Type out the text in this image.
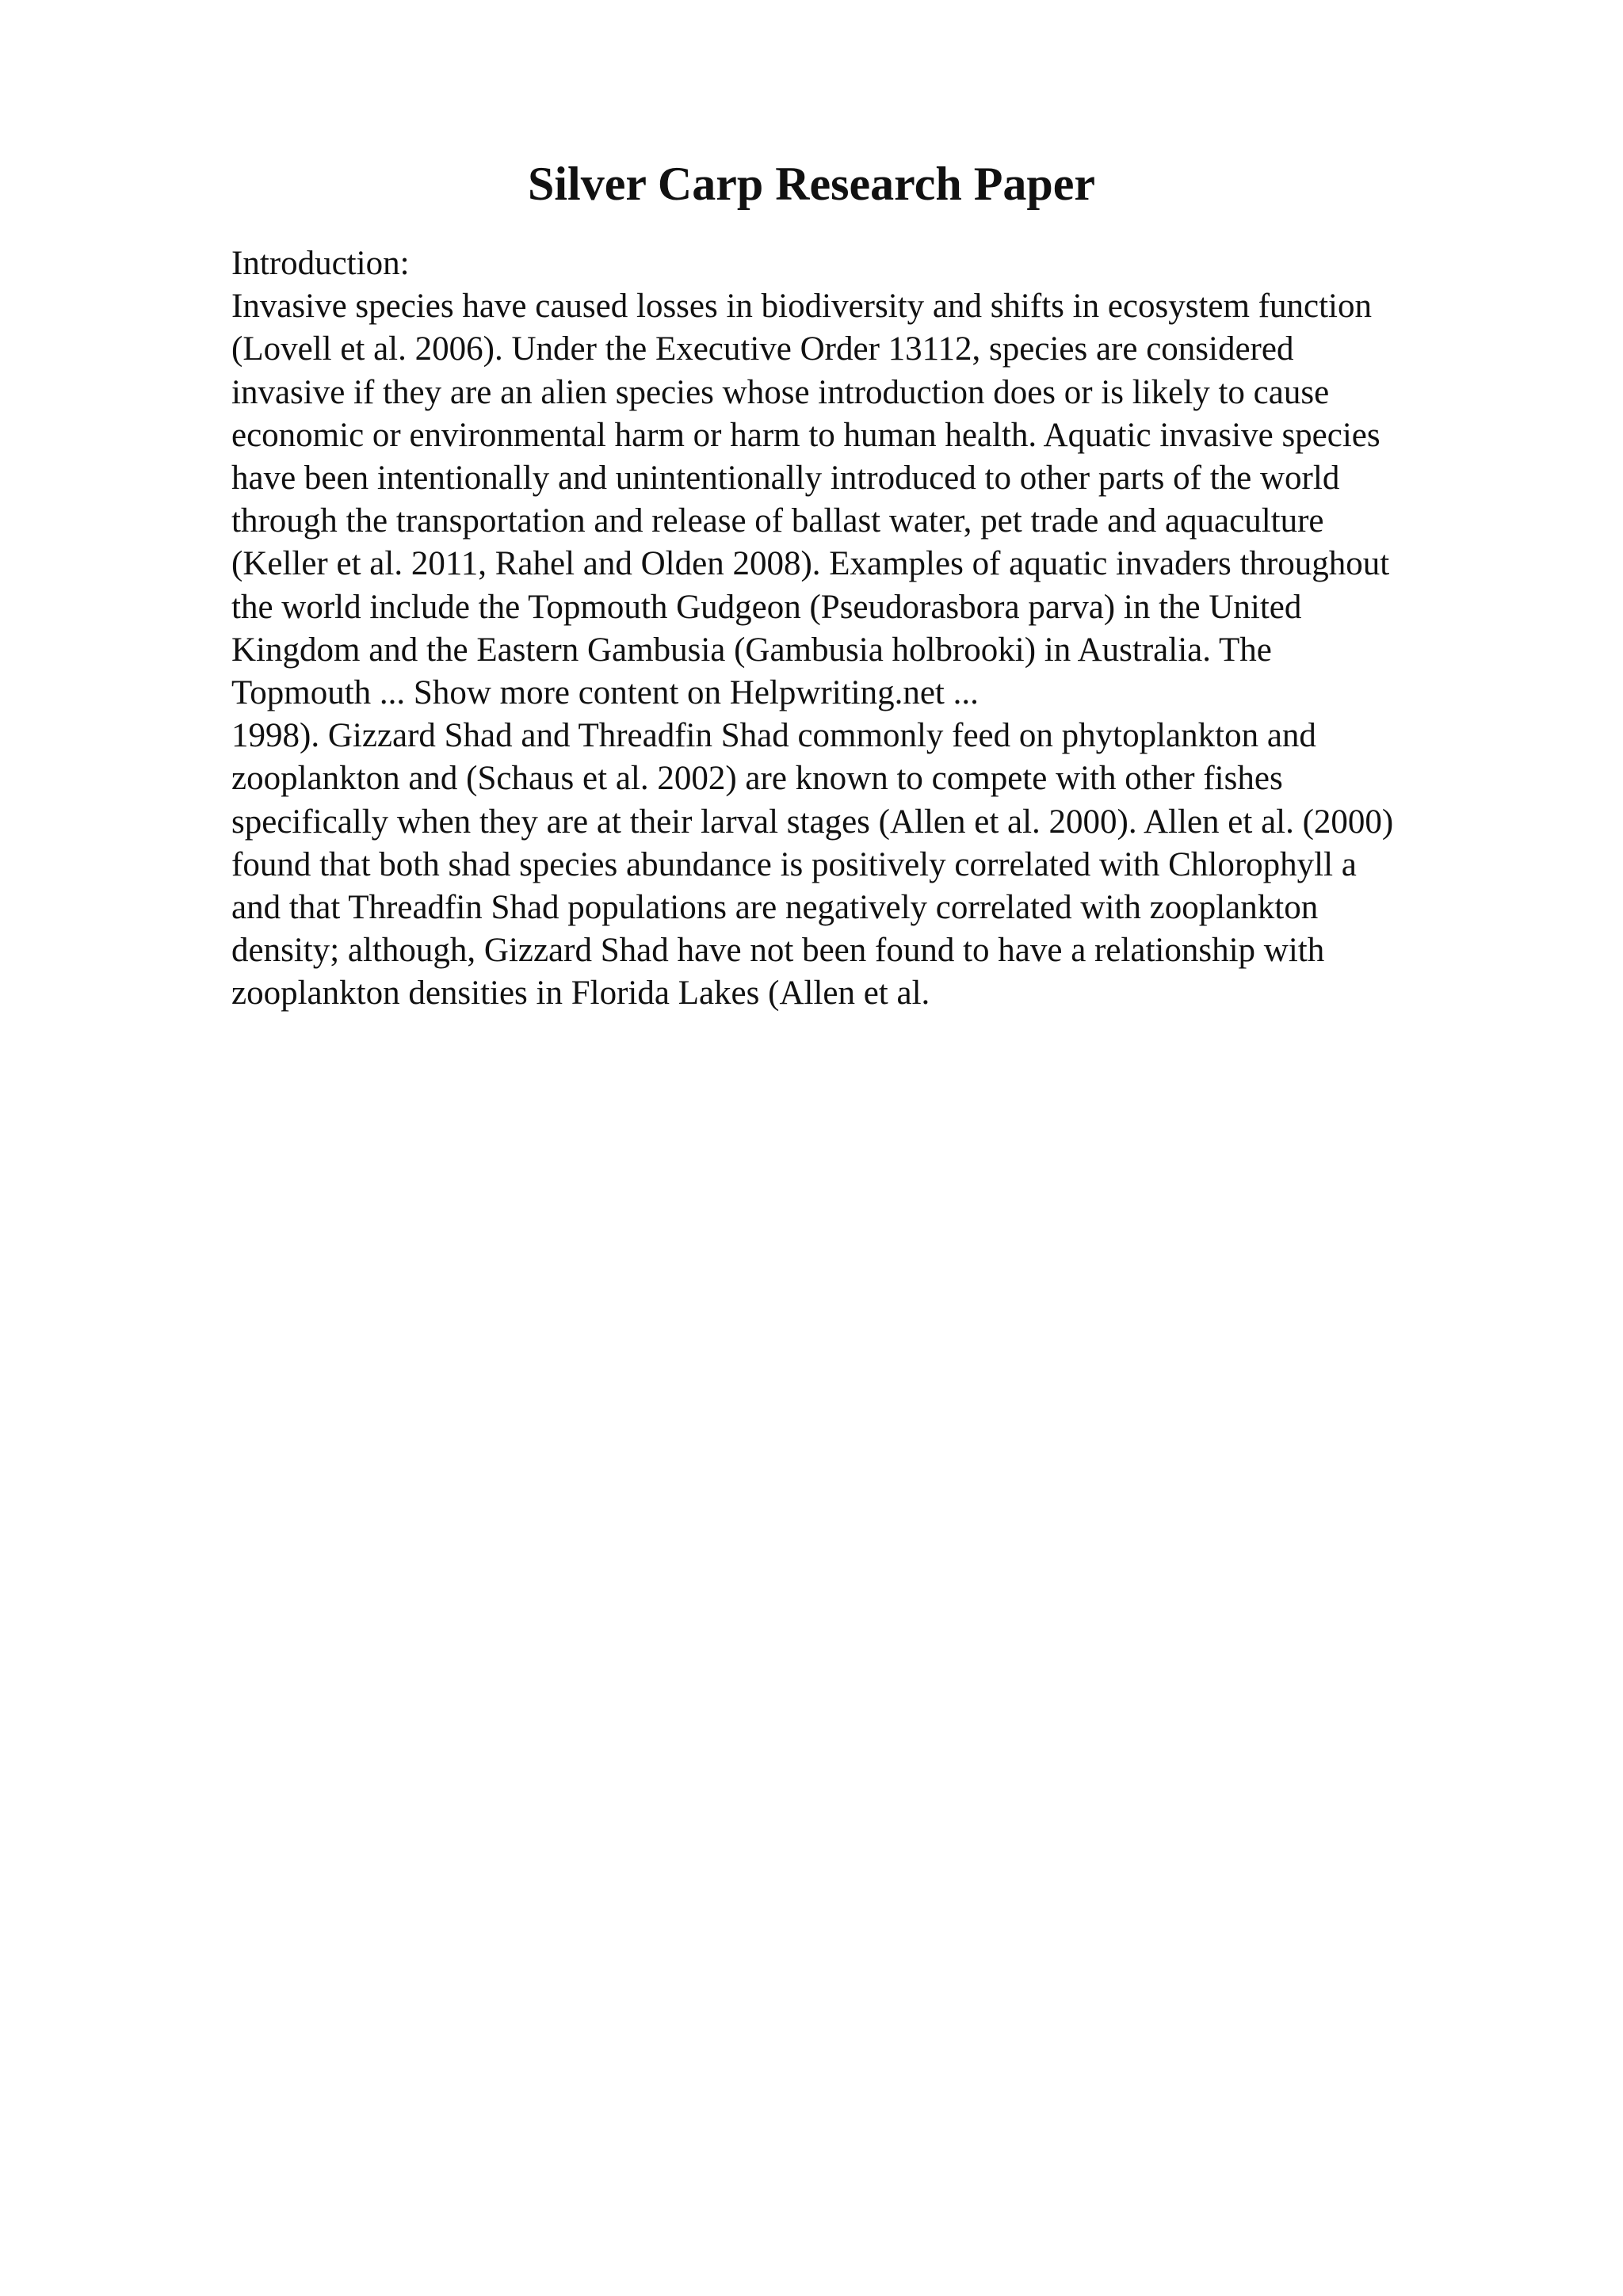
Silver Carp Research Paper
Introduction:
Invasive species have caused losses in biodiversity and shifts in ecosystem function
(Lovell et al. 2006). Under the Executive Order 13112, species are considered
invasive if they are an alien species whose introduction does or is likely to cause
economic or environmental harm or harm to human health. Aquatic invasive species
have been intentionally and unintentionally introduced to other parts of the world
through the transportation and release of ballast water, pet trade and aquaculture
(Keller et al. 2011, Rahel and Olden 2008). Examples of aquatic invaders throughout
the world include the Topmouth Gudgeon (Pseudorasbora parva) in the United
Kingdom and the Eastern Gambusia (Gambusia holbrooki) in Australia. The
Topmouth ... Show more content on Helpwriting.net ...
1998). Gizzard Shad and Threadfin Shad commonly feed on phytoplankton and
zooplankton and (Schaus et al. 2002) are known to compete with other fishes
specifically when they are at their larval stages (Allen et al. 2000). Allen et al. (2000)
found that both shad species abundance is positively correlated with Chlorophyll a
and that Threadfin Shad populations are negatively correlated with zooplankton
density; although, Gizzard Shad have not been found to have a relationship with
zooplankton densities in Florida Lakes (Allen et al.
